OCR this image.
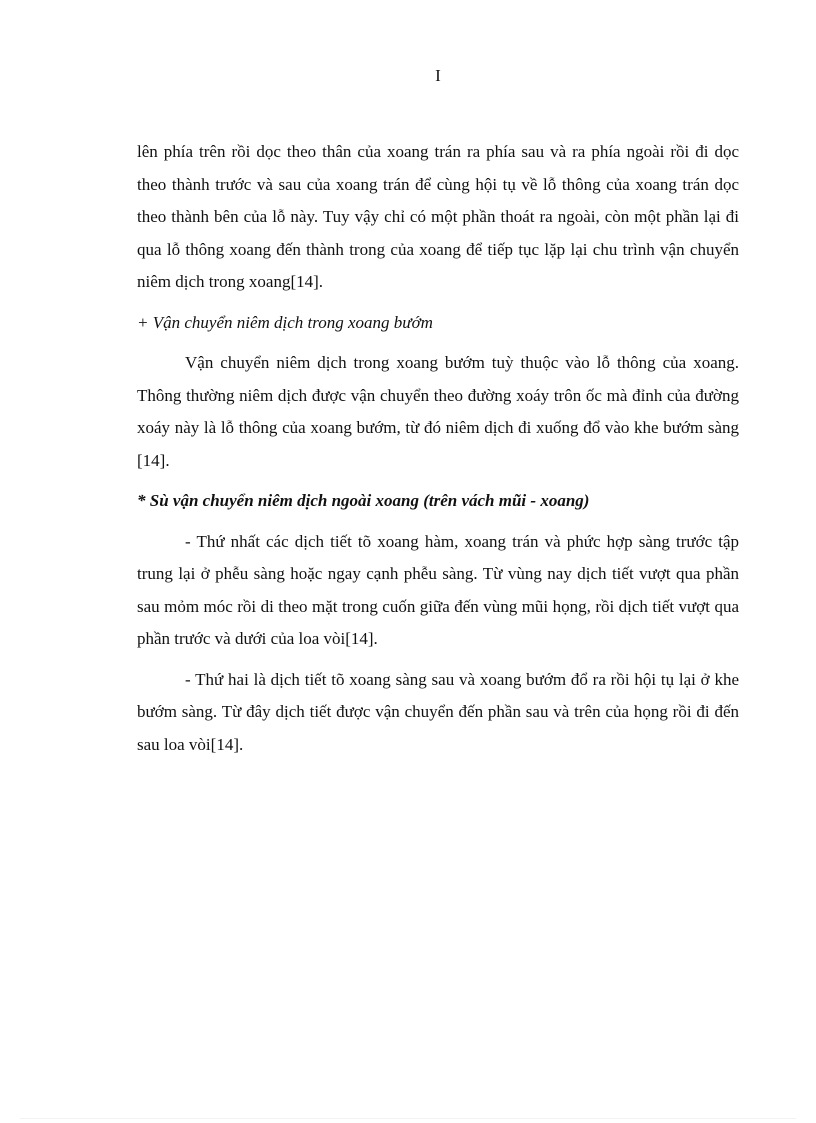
I

lên phía trên rồi dọc theo thân của xoang trán ra phía sau và ra phía ngoài rồi đi dọc theo thành trước và sau của xoang trán để cùng hội tụ về lỗ thông của xoang trán dọc theo thành bên của lỗ này. Tuy vậy chỉ có một phần thoát ra ngoài, còn một phần lại đi qua lỗ thông xoang đến thành trong của xoang để tiếp tục lặp lại chu trình vận chuyển niêm dịch trong xoang[14].

+ Vận chuyển niêm dịch trong xoang bướm

Vận chuyển niêm dịch trong xoang bướm tuỳ thuộc vào lỗ thông của xoang. Thông thường niêm dịch được vận chuyển theo đường xoáy trôn ốc mà đỉnh của đường xoáy này là lỗ thông của xoang bướm, từ đó niêm dịch đi xuống đổ vào khe bướm sàng [14].

* Sù vận chuyển niêm dịch ngoài xoang (trên vách mũi - xoang)

- Thứ nhất các dịch tiết tõ xoang hàm, xoang trán và phức hợp sàng trước tập trung lại ở phễu sàng hoặc ngay cạnh phễu sàng. Từ vùng nay dịch tiết vượt qua phần sau mỏm móc rồi di theo mặt trong cuốn giữa đến vùng mũi họng, rồi dịch tiết vượt qua phần trước và dưới của loa vòi[14].

- Thứ hai là dịch tiết tõ xoang sàng sau và xoang bướm đổ ra rồi hội tụ lại ở khe bướm sàng. Từ đây dịch tiết được vận chuyển đến phần sau và trên của họng rồi đi đến sau loa vòi[14].
